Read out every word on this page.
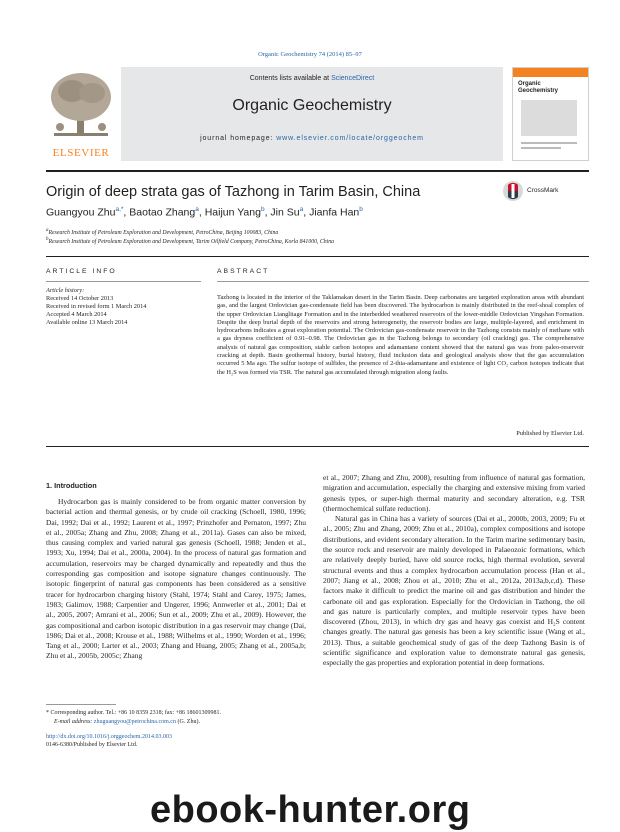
Organic Geochemistry 74 (2014) 85–97
ELSEVIER
Contents lists available at ScienceDirect
Organic Geochemistry
journal homepage: www.elsevier.com/locate/orggeochem
Organic Geochemistry
Origin of deep strata gas of Tazhong in Tarim Basin, China	CrossMark
Guangyou Zhu$^{a,*}$, Baotao Zhang$^a$, Haijun Yang$^b$, Jin Su$^a$, Jianfa Han$^b$
$^a$Research Institute of Petroleum Exploration and Development, PetroChina, Beijing 100083, China
$^b$Research Institute of Petroleum Exploration and Development, Tarim Oilfield Company, PetroChina, Korla 841000, China
ARTICLE INFO
Article history:
Received 14 October 2013
Received in revised form 1 March 2014
Accepted 4 March 2014
Available online 13 March 2014
ABSTRACT
Tazhong is located in the interior of the Taklamakan desert in the Tarim Basin. Deep carbonates are targeted exploration areas with abundant gas, and the largest Ordovician gas-condensate field has been discovered. The hydrocarbon is mainly distributed in the reef-shoal complex of the upper Ordovician Lianglitage Formation and in the interbedded weathered reservoirs of the lower-middle Ordovician Yingshan Formation. Despite the deep burial depth of the reservoirs and strong heterogeneity, the reservoir bodies are large, multiple-layered, and enrichment in hydrocarbons indicates a great exploration potential. The Ordovician gas-condensate reservoir in the Tazhong consists mainly of methane with a gas dryness coefficient of 0.91–0.98. The Ordovician gas in the Tazhong belongs to secondary (oil cracking) gas. The comprehensive analysis of natural gas composition, stable carbon isotopes and adamantane content showed that the natural gas was from paleo-reservoir cracking at depth. Basin geothermal history, burial history, fluid inclusion data and geological analysis show that the gas accumulation occurred 5 Ma ago. The sulfur isotope of sulfides, the presence of 2-thia-adamantane and existence of light CO₂ carbon isotopes indicate that the H₂S was formed via TSR. The natural gas accumulated through migration along faults.
Published by Elsevier Ltd.
1. Introduction

Hydrocarbon gas is mainly considered to be from organic matter conversion by bacterial action and thermal genesis, or by crude oil cracking (Schoell, 1980, 1996; Dai, 1992; Dai et al., 1992; Laurent et al., 1997; Prinzhofer and Pernaton, 1997; Zhu et al., 2005a; Zhang and Zhu, 2008; Zhang et al., 2011a). Gases can also be mixed, thus causing complex and varied natural gas genesis (Schoell, 1988; Jenden et al., 1993; Xu, 1994; Dai et al., 2000a, 2004). In the process of natural gas formation and accumulation, reservoirs may be charged dynamically and repeatedly and thus the corresponding gas composition and isotope signature changes continuously. The isotopic fingerprint of natural gas components has been considered as a sensitive tracer for hydrocarbon charging history (Stahl, 1974; Stahl and Carey, 1975; James, 1983; Galimov, 1988; Carpentier and Ungerer, 1996; Annwerler et al., 2001; Dai et al., 2005, 2007; Amrani et al., 2006; Sun et al., 2009; Zhu et al., 2009). However, the gas compositional and carbon isotopic distribution in a gas reservoir may change (Dai, 1986; Dai et al., 2008; Krouse et al., 1988; Wilhelms et al., 1990; Worden et al., 1996; Tang et al., 2000; Larter et al., 2003; Zhang and Huang, 2005; Zhang et al., 2005a,b; Zhu et al., 2005b, 2005c; Zhang

et al., 2007; Zhang and Zhu, 2008), resulting from influence of natural gas formation, migration and accumulation, especially the charging and extensive mixing from varied genesis types, or super-high thermal maturity and secondary alteration, e.g. TSR (thermochemical sulfate reduction).

Natural gas in China has a variety of sources (Dai et al., 2000b, 2003, 2009; Fu et al., 2005; Zhu and Zhang, 2009; Zhu et al., 2010a), complex compositions and isotope distributions, and evident secondary alteration. In the Tarim marine sedimentary basin, the source rock and reservoir are mainly developed in Palaeozoic formations, which are relatively deeply buried, have old source rocks, high thermal evolution, several structural events and thus a complex hydrocarbon accumulation process (Han et al., 2007; Jiang et al., 2008; Zhou et al., 2010; Zhu et al., 2012a, 2013a,b,c,d). These factors make it difficult to predict the marine oil and gas distribution and hinder the carbonate oil and gas exploration. Especially for the Ordovician in Tazhong, the oil and gas nature is particularly complex, and multiple reservoir types have been discovered (Zhou, 2013), in which dry gas and heavy gas coexist and H₂S content changes greatly. The natural gas genesis has been a key scientific issue (Wang et al., 2013). Thus, a suitable geochemical study of gas of the deep Tazhong Basin is of scientific significance and exploration value to demonstrate natural gas genesis, especially the gas properties and exploration potential in deep formations.

* Corresponding author. Tel.: +86 10 8359 2318; fax: +86 18601309981.
E-mail address: zhuguangyou@petrochina.com.cn (G. Zhu).
http://dx.doi.org/10.1016/j.orggeochem.2014.03.003
0146-6380/Published by Elsevier Ltd.
ebook-hunter.org
